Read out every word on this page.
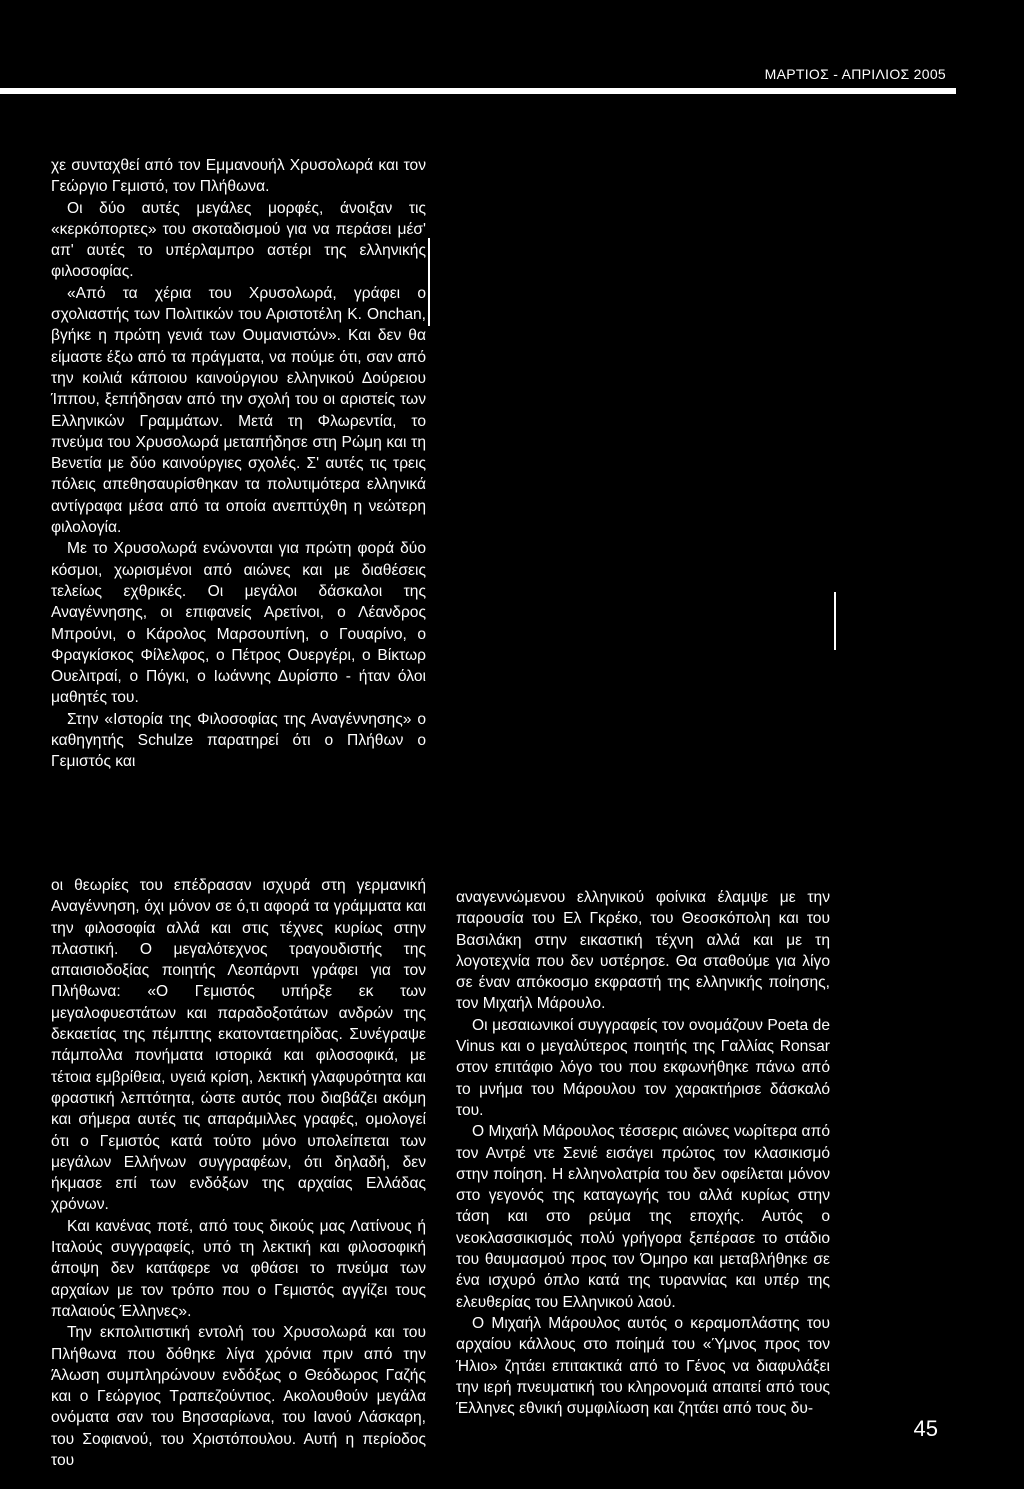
ΜΑΡΤΙΟΣ - ΑΠΡΙΛΙΟΣ 2005

χε συνταχθεί από τον Εμμανουήλ Χρυσολωρά και τον Γεώργιο Γεμιστό, τον Πλήθωνα.

Οι δύο αυτές μεγάλες μορφές, άνοιξαν τις «κερκόπορτες» του σκοταδισμού για να περάσει μέσ' απ' αυτές το υπέρλαμπρο αστέρι της ελληνικής φιλοσοφίας.

«Από τα χέρια του Χρυσολωρά, γράφει ο σχολιαστής των Πολιτικών του Αριστοτέλη Κ. Onchan, βγήκε η πρώτη γενιά των Ουμανιστών». Και δεν θα είμαστε έξω από τα πράγματα, να πούμε ότι, σαν από την κοιλιά κάποιου καινούργιου ελληνικού Δούρειου Ίππου, ξεπήδησαν από την σχολή του οι αριστείς των Ελληνικών Γραμμάτων. Μετά τη Φλωρεντία, το πνεύμα του Χρυσολωρά μεταπήδησε στη Ρώμη και τη Βενετία με δύο καινούργιες σχολές. Σ' αυτές τις τρεις πόλεις απεθησαυρίσθηκαν τα πολυτιμότερα ελληνικά αντίγραφα μέσα από τα οποία ανεπτύχθη η νεώτερη φιλολογία.

Με το Χρυσολωρά ενώνονται για πρώτη φορά δύο κόσμοι, χωρισμένοι από αιώνες και με διαθέσεις τελείως εχθρικές. Οι μεγάλοι δάσκαλοι της Αναγέννησης, οι επιφανείς Αρετίνοι, ο Λέανδρος Μπρούνι, ο Κάρολος Μαρσουπίνη, ο Γουαρίνο, ο Φραγκίσκος Φίλελφος, ο Πέτρος Ουεργέρι, ο Βίκτωρ Ουελιτραί, ο Πόγκι, ο Ιωάννης Δυρίσπο - ήταν όλοι μαθητές του.

Στην «Ιστορία της Φιλοσοφίας της Αναγέννησης» ο καθηγητής Schulze παρατηρεί ότι ο Πλήθων ο Γεμιστός και

οι θεωρίες του επέδρασαν ισχυρά στη γερμανική Αναγέννηση, όχι μόνον σε ό,τι αφορά τα γράμματα και την φιλοσοφία αλλά και στις τέχνες κυρίως στην πλαστική. Ο μεγαλότεχνος τραγουδιστής της απαισιοδοξίας ποιητής Λεοπάρντι γράφει για τον Πλήθωνα: «Ο Γεμιστός υπήρξε εκ των μεγαλοφυεστάτων και παραδοξοτάτων ανδρών της δεκαετίας της πέμπτης εκατονταετηρίδας. Συνέγραψε πάμπολλα πονήματα ιστορικά και φιλοσοφικά, με τέτοια εμβρίθεια, υγειά κρίση, λεκτική γλαφυρότητα και φραστική λεπτότητα, ώστε αυτός που διαβάζει ακόμη και σήμερα αυτές τις απαράμιλλες γραφές, ομολογεί ότι ο Γεμιστός κατά τούτο μόνο υπολείπεται των μεγάλων Ελλήνων συγγραφέων, ότι δηλαδή, δεν ήκμασε επί των ενδόξων της αρχαίας Ελλάδας χρόνων.

Και κανένας ποτέ, από τους δικούς μας Λατίνους ή Ιταλούς συγγραφείς, υπό τη λεκτική και φιλοσοφική άποψη δεν κατάφερε να φθάσει το πνεύμα των αρχαίων με τον τρόπο που ο Γεμιστός αγγίζει τους παλαιούς Έλληνες».

Την εκπολιτιστική εντολή του Χρυσολωρά και του Πλήθωνα που δόθηκε λίγα χρόνια πριν από την Άλωση συμπληρώνουν ενδόξως ο Θεόδωρος Γαζής και ο Γεώργιος Τραπεζούντιος. Ακολουθούν μεγάλα ονόματα σαν του Βησσαρίωνα, του Ιανού Λάσκαρη, του Σοφιανού, του Χριστόπουλου. Αυτή η περίοδος του

αναγεννώμενου ελληνικού φοίνικα έλαμψε με την παρουσία του Ελ Γκρέκο, του Θεοσκόπολη και του Βασιλάκη στην εικαστική τέχνη αλλά και με τη λογοτεχνία που δεν υστέρησε. Θα σταθούμε για λίγο σε έναν απόκοσμο εκφραστή της ελληνικής ποίησης, τον Μιχαήλ Μάρουλο.

Οι μεσαιωνικοί συγγραφείς τον ονομάζουν Poeta de Vinus και ο μεγαλύτερος ποιητής της Γαλλίας Ronsar στον επιτάφιο λόγο του που εκφωνήθηκε πάνω από το μνήμα του Μάρουλου τον χαρακτήρισε δάσκαλό του.

Ο Μιχαήλ Μάρουλος τέσσερις αιώνες νωρίτερα από τον Αντρέ ντε Σενιέ εισάγει πρώτος τον κλασικισμό στην ποίηση. Η ελληνολατρία του δεν οφείλεται μόνον στο γεγονός της καταγωγής του αλλά κυρίως στην τάση και στο ρεύμα της εποχής. Αυτός ο νεοκλασσικισμός πολύ γρήγορα ξεπέρασε το στάδιο του θαυμασμού προς τον Όμηρο και μεταβλήθηκε σε ένα ισχυρό όπλο κατά της τυραννίας και υπέρ της ελευθερίας του Ελληνικού λαού.

Ο Μιχαήλ Μάρουλος αυτός ο κεραμοπλάστης του αρχαίου κάλλους στο ποίημά του «Ύμνος προς τον Ήλιο» ζητάει επιτακτικά από το Γένος να διαφυλάξει την ιερή πνευματική του κληρονομιά απαιτεί από τους Έλληνες εθνική συμφιλίωση και ζητάει από τους δυ-

45
